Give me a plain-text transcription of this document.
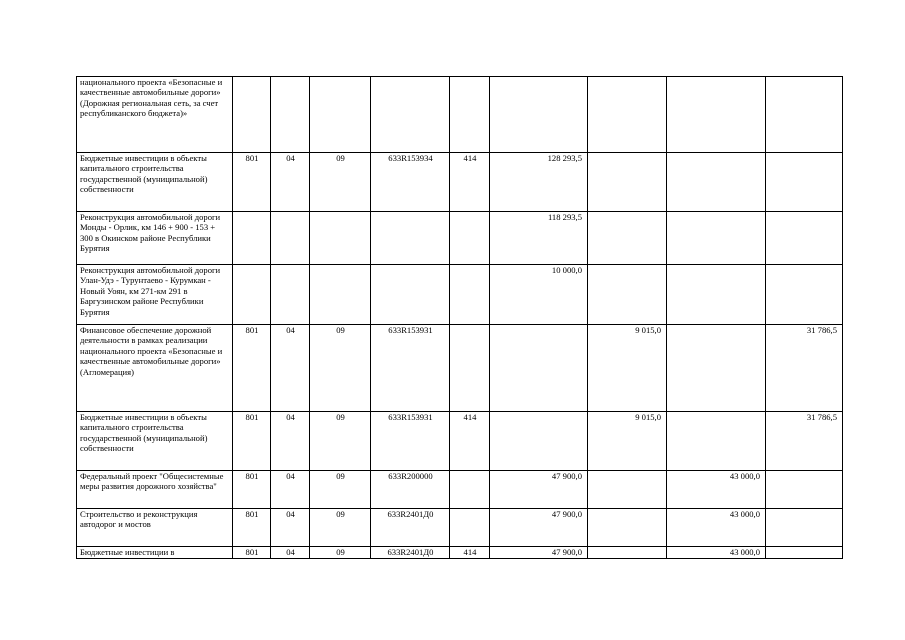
национального проекта «Безопасные и качественные автомобильные дороги» (Дорожная региональная сеть, за счет республиканского бюджета)»									
Бюджетные инвестиции в объекты капитального строительства государственной (муниципальной) собственности	801	04	09	633R153934	414	128 293,5			
Реконструкция автомобильной дороги Монды - Орлик, км 146 + 900 - 153 + 300 в Окинском районе Республики Бурятия						118 293,5			
Реконструкция автомобильной дороги Улан-Удэ - Турунтаево - Курумкан - Новый Уоян, км 271-км 291 в Баргузинском районе Республики Бурятия						10 000,0			
Финансовое обеспечение дорожной деятельности в рамках реализации национального проекта «Безопасные и качественные автомобильные дороги» (Агломерация)	801	04	09	633R153931			9 015,0		31 786,5
Бюджетные инвестиции в объекты капитального строительства государственной (муниципальной) собственности	801	04	09	633R153931	414		9 015,0		31 786,5
Федеральный проект "Общесистемные меры развития дорожного хозяйства"	801	04	09	633R200000		47 900,0		43 000,0	
Строительство и реконструкция автодорог и мостов	801	04	09	633R2401Д0		47 900,0		43 000,0	
Бюджетные инвестиции в	801	04	09	633R2401Д0	414	47 900,0		43 000,0	
